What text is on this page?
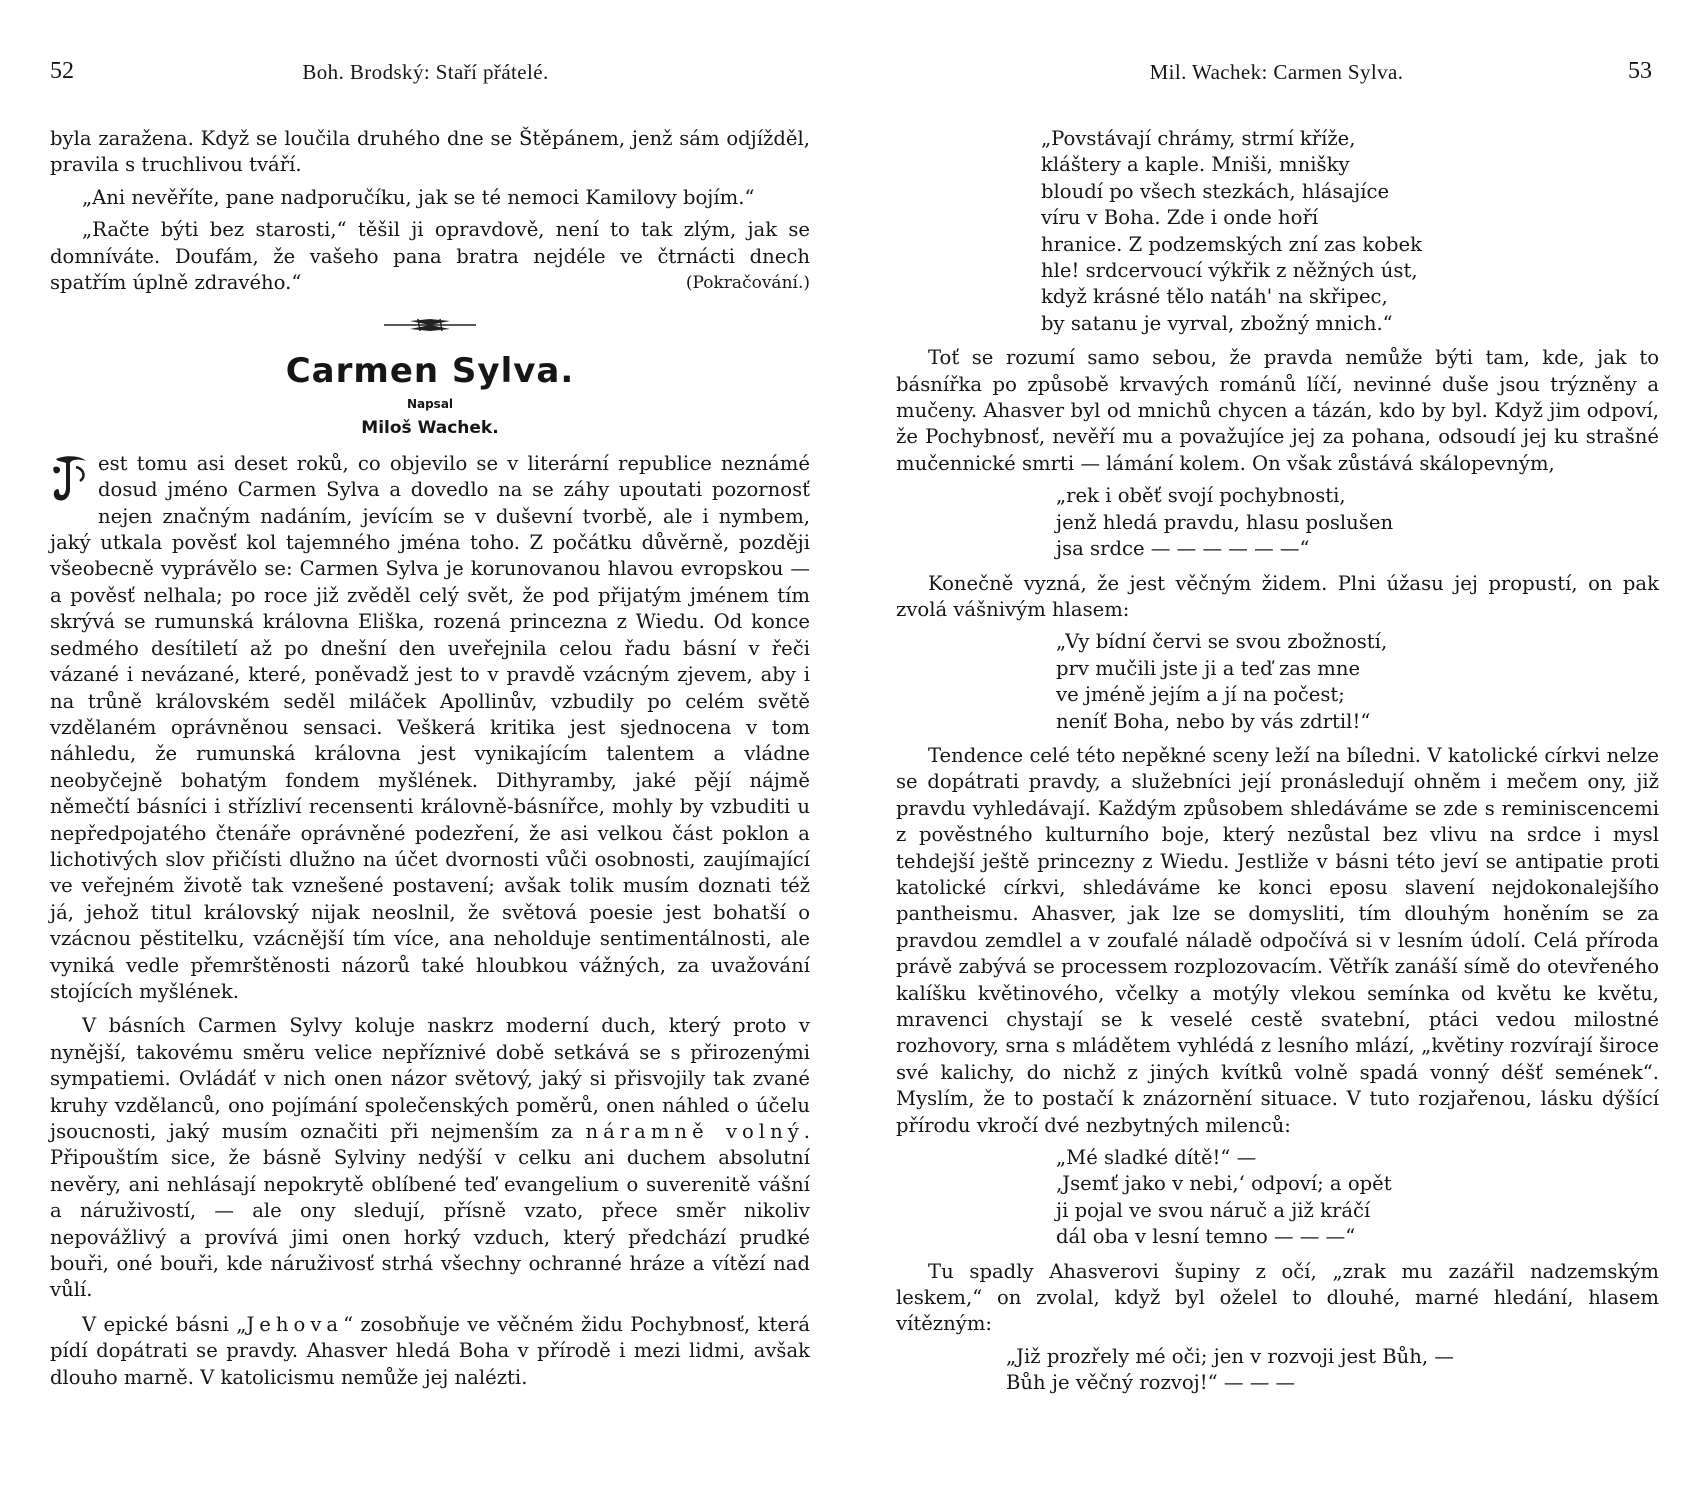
52	Boh. Brodský: Staří přátelé.

byla zaražena. Když se loučila druhého dne se Štěpánem, jenž sám odjížděl, pravila s truchlivou tváří.

„Ani nevěříte, pane nadporučíku, jak se té nemoci Kamilovy bojím.“

„Račte býti bez starosti,“ těšil ji opravdově, není to tak zlým, jak se domníváte. Doufám, že vašeho pana bratra nejdéle ve čtrnácti dnech spatřím úplně zdravého.“	(Pokračování.)
Carmen Sylva.
Napsal
Miloš Wachek.

est tomu asi deset roků, co objevilo se v literární republice neznámé dosud jméno Carmen Sylva a dovedlo na se záhy upoutati pozornosť nejen značným nadáním, jevícím se v duševní tvorbě, ale i nymbem, jaký utkala pověsť kol tajemného jména toho. Z počátku důvěrně, později všeobecně vyprávělo se: Carmen Sylva je korunovanou hlavou evropskou — a pověsť nelhala; po roce již zvěděl celý svět, že pod přijatým jménem tím skrývá se rumunská královna Eliška, rozená princezna z Wiedu. Od konce sedmého desítiletí až po dnešní den uveřejnila celou řadu básní v řeči vázané i nevázané, které, poněvadž jest to v pravdě vzácným zjevem, aby i na trůně královském seděl miláček Apollinův, vzbudily po celém světě vzdělaném oprávněnou sensaci. Veškerá kritika jest sjednocena v tom náhledu, že rumunská královna jest vynikajícím talentem a vládne neobyčejně bohatým fondem myšlének. Dithyramby, jaké pějí nájmě němečtí básníci i střízliví recensenti královně-básnířce, mohly by vzbuditi u nepředpojatého čtenáře oprávněné podezření, že asi velkou část poklon a lichotivých slov přičísti dlužno na účet dvornosti vůči osobnosti, zaujímající ve veřejném životě tak vznešené postavení; avšak tolik musím doznati též já, jehož titul královský nijak neoslnil, že světová poesie jest bohatší o vzácnou pěstitelku, vzácnější tím více, ana neholduje sentimentálnosti, ale vyniká vedle přemrštěnosti názorů také hloubkou vážných, za uvažování stojících myšlének.

V básních Carmen Sylvy koluje naskrz moderní duch, který proto v nynější, takovému směru velice nepříznivé době setkává se s přirozenými sympatiemi. Ovládáť v nich onen názor světový, jaký si přisvojily tak zvané kruhy vzdělanců, ono pojímání společenských poměrů, onen náhled o účelu jsoucnosti, jaký musím označiti při nejmenším za náramně volný. Připouštím sice, že básně Sylviny nedýší v celku ani duchem absolutní nevěry, ani nehlásají nepokrytě oblíbené teď evangelium o suverenitě vášní a náruživostí, — ale ony sledují, přísně vzato, přece směr nikoliv nepovážlivý a provívá jimi onen horký vzduch, který předchází prudké bouři, oné bouři, kde náruživosť strhá všechny ochranné hráze a vítězí nad vůlí.

V epické básni „Jehova“ zosobňuje ve věčném židu Pochybnosť, která pídí dopátrati se pravdy. Ahasver hledá Boha v přírodě i mezi lidmi, avšak dlouho marně. V katolicismu nemůže jej nalézti.

Mil. Wachek: Carmen Sylva.	53
„Povstávají chrámy, strmí kříže,
kláštery a kaple. Mniši, mnišky
bloudí po všech stezkách, hlásajíce
víru v Boha. Zde i onde hoří
hranice. Z podzemských zní zas kobek
hle! srdcervoucí výkřik z něžných úst,
když krásné tělo natáh' na skřipec,
by satanu je vyrval, zbožný mnich.“

Toť se rozumí samo sebou, že pravda nemůže býti tam, kde, jak to básnířka po způsobě krvavých románů líčí, nevinné duše jsou trýzněny a mučeny. Ahasver byl od mnichů chycen a tázán, kdo by byl. Když jim odpoví, že Pochybnosť, nevěří mu a považujíce jej za pohana, odsoudí jej ku strašné mučennické smrti — lámání kolem. On však zůstává skálopevným,

„rek i oběť svojí pochybnosti,
jenž hledá pravdu, hlasu poslušen
jsa srdce — — — — — —“

Konečně vyzná, že jest věčným židem. Plni úžasu jej propustí, on pak zvolá vášnivým hlasem:

„Vy bídní červi se svou zbožností,
prv mučili jste ji a teď zas mne
ve jméně jejím a jí na počest;
neníť Boha, nebo by vás zdrtil!“

Tendence celé této nepěkné sceny leží na bíledni. V katolické církvi nelze se dopátrati pravdy, a služebníci její pronásledují ohněm i mečem ony, již pravdu vyhledávají. Každým způsobem shledáváme se zde s reminiscencemi z pověstného kulturního boje, který nezůstal bez vlivu na srdce i mysl tehdejší ještě princezny z Wiedu. Jestliže v básni této jeví se antipatie proti katolické církvi, shledáváme ke konci eposu slavení nejdokonalejšího pantheismu. Ahasver, jak lze se domysliti, tím dlouhým honěním se za pravdou zemdlel a v zoufalé náladě odpočívá si v lesním údolí. Celá příroda právě zabývá se processem rozplozovacím. Větřík zanáší símě do otevřeného kalíšku květinového, včelky a motýly vlekou semínka od květu ke květu, mravenci chystají se k veselé cestě svatební, ptáci vedou milostné rozhovory, srna s mládětem vyhlédá z lesního mlází, „květiny rozvírají široce své kalichy, do nichž z jiných kvítků volně spadá vonný déšť semének“. Myslím, že to postačí k znázornění situace. V tuto rozjařenou, lásku dýšící přírodu vkročí dvé nezbytných milenců:

„Mé sladké dítě!“ —
‚Jsemť jako v nebi,‘ odpoví; a opět
ji pojal ve svou náruč a již kráčí
dál oba v lesní temno — — —“

Tu spadly Ahasverovi šupiny z očí, „zrak mu zazářil nadzemským leskem,“ on zvolal, když byl oželel to dlouhé, marné hledání, hlasem vítězným:

„Již prozřely mé oči; jen v rozvoji jest Bůh, —
Bůh je věčný rozvoj!“ — — —
